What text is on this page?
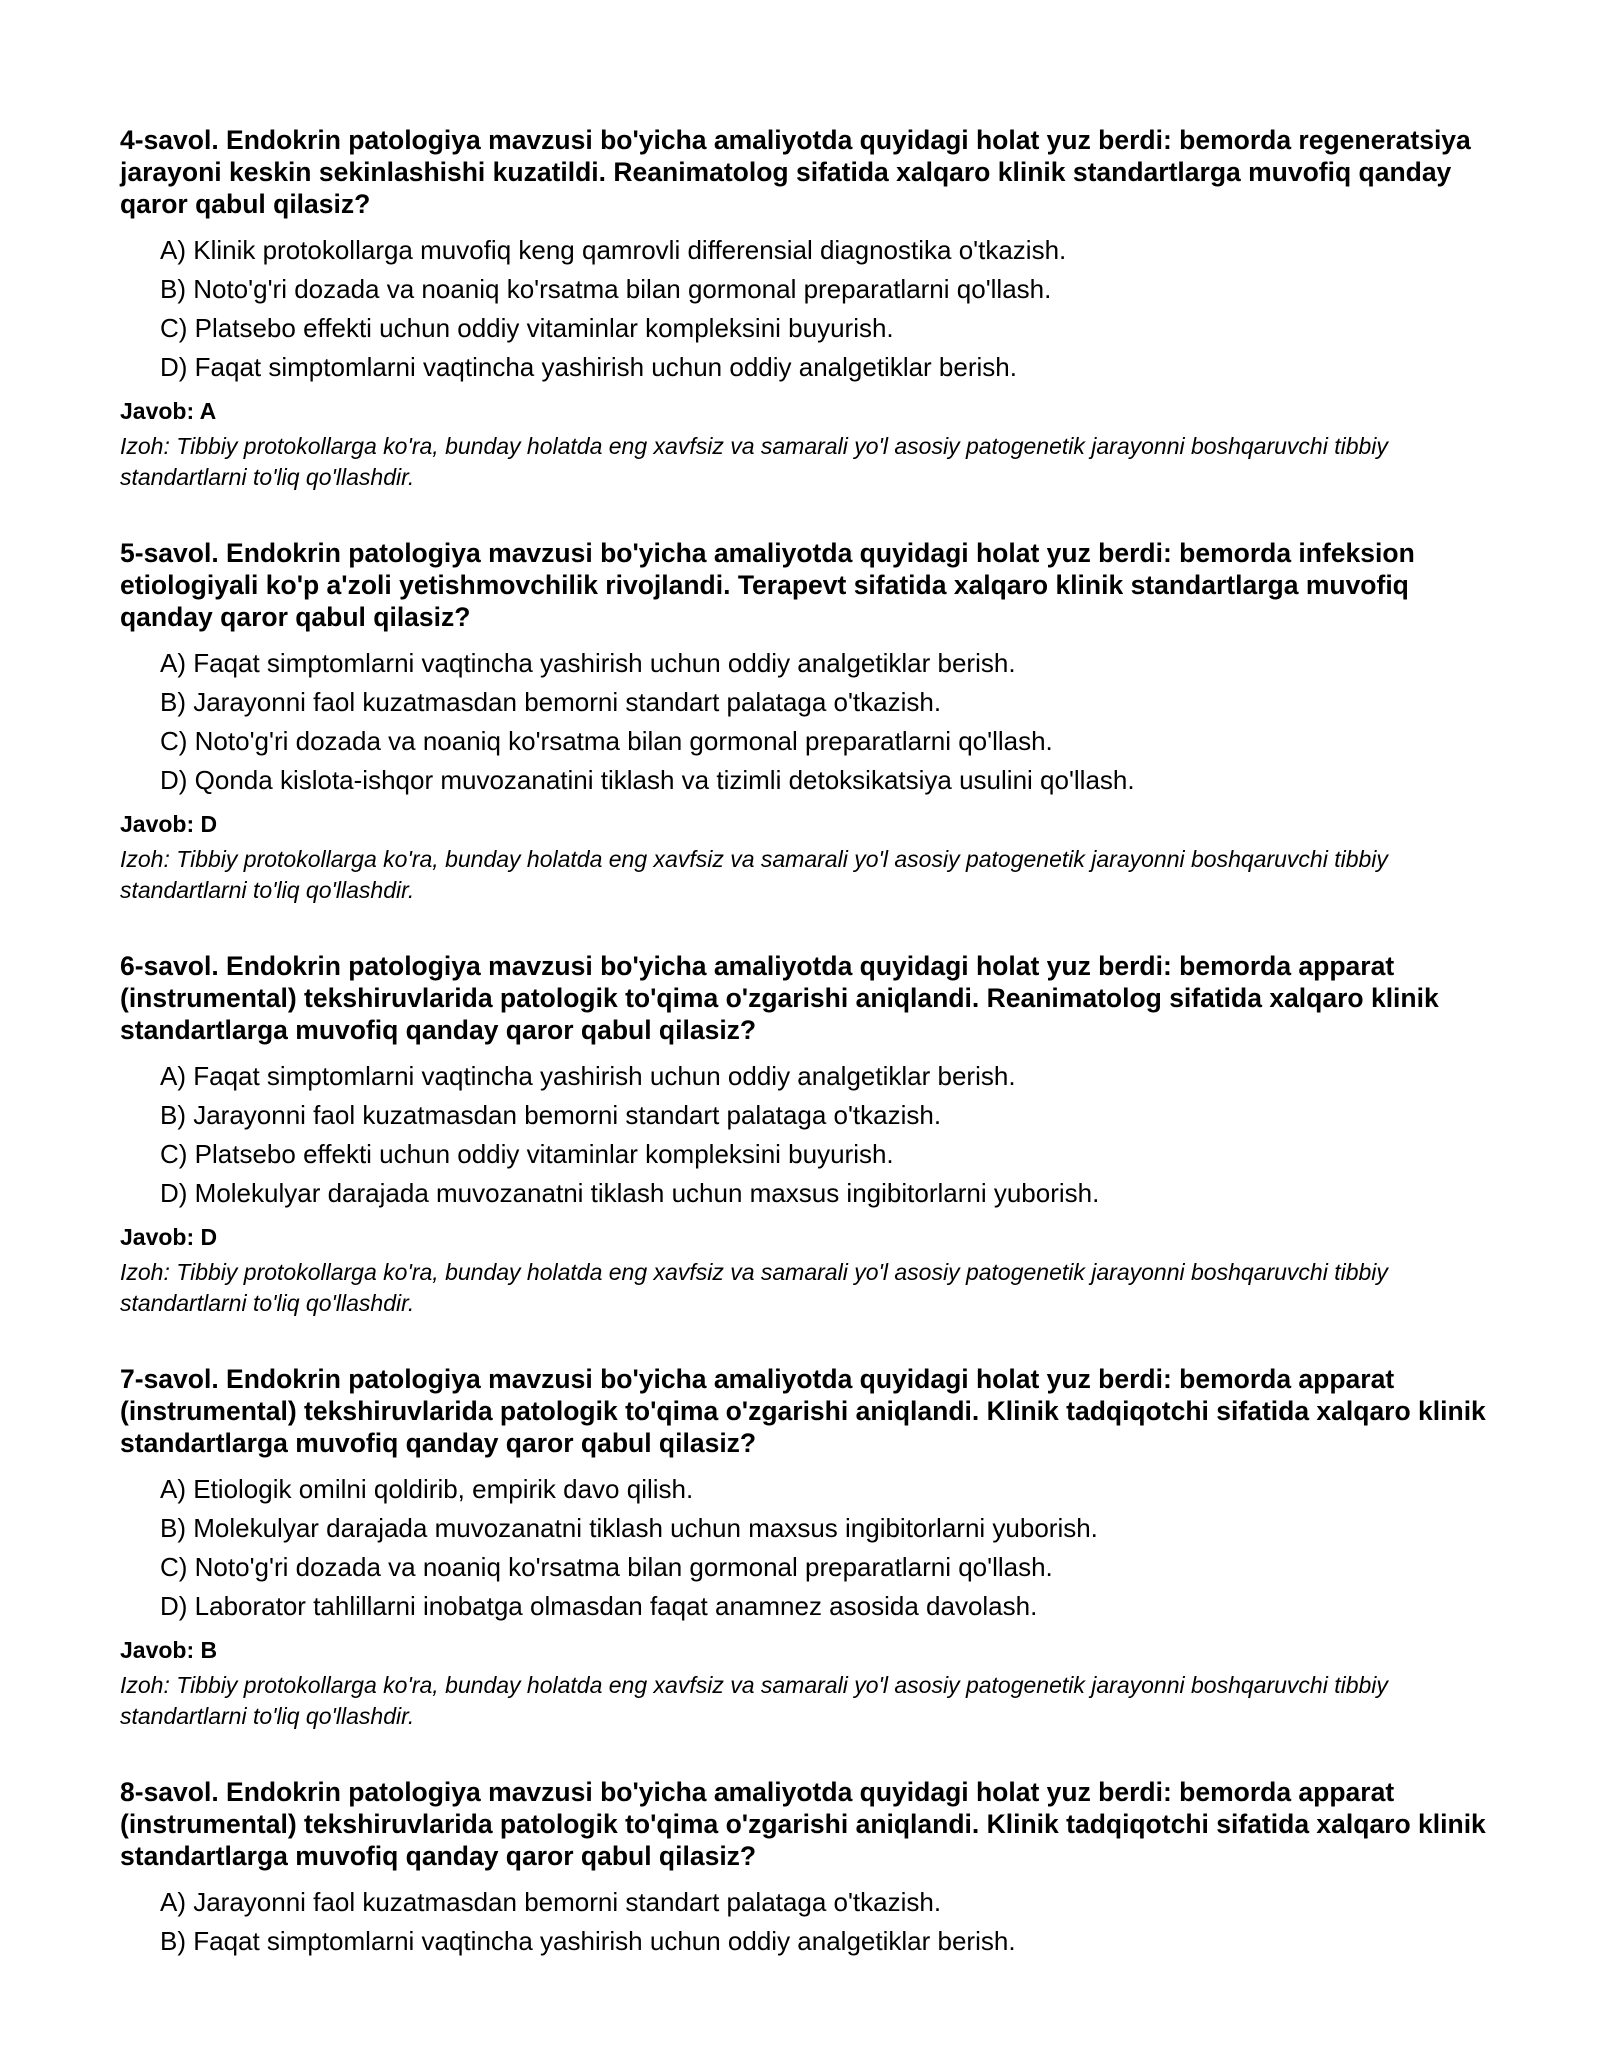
4-savol. Endokrin patologiya mavzusi bo'yicha amaliyotda quyidagi holat yuz berdi: bemorda regeneratsiya jarayoni keskin sekinlashishi kuzatildi. Reanimatolog sifatida xalqaro klinik standartlarga muvofiq qanday qaror qabul qilasiz?

A) Klinik protokollarga muvofiq keng qamrovli differensial diagnostika o'tkazish.
B) Noto'g'ri dozada va noaniq ko'rsatma bilan gormonal preparatlarni qo'llash.
C) Platsebo effekti uchun oddiy vitaminlar kompleksini buyurish.
D) Faqat simptomlarni vaqtincha yashirish uchun oddiy analgetiklar berish.

Javob: A

Izoh: Tibbiy protokollarga ko'ra, bunday holatda eng xavfsiz va samarali yo'l asosiy patogenetik jarayonni boshqaruvchi tibbiy standartlarni to'liq qo'llashdir.

5-savol. Endokrin patologiya mavzusi bo'yicha amaliyotda quyidagi holat yuz berdi: bemorda infeksion etiologiyali ko'p a'zoli yetishmovchilik rivojlandi. Terapevt sifatida xalqaro klinik standartlarga muvofiq qanday qaror qabul qilasiz?

A) Faqat simptomlarni vaqtincha yashirish uchun oddiy analgetiklar berish.
B) Jarayonni faol kuzatmasdan bemorni standart palataga o'tkazish.
C) Noto'g'ri dozada va noaniq ko'rsatma bilan gormonal preparatlarni qo'llash.
D) Qonda kislota-ishqor muvozanatini tiklash va tizimli detoksikatsiya usulini qo'llash.

Javob: D

Izoh: Tibbiy protokollarga ko'ra, bunday holatda eng xavfsiz va samarali yo'l asosiy patogenetik jarayonni boshqaruvchi tibbiy standartlarni to'liq qo'llashdir.

6-savol. Endokrin patologiya mavzusi bo'yicha amaliyotda quyidagi holat yuz berdi: bemorda apparat (instrumental) tekshiruvlarida patologik to'qima o'zgarishi aniqlandi. Reanimatolog sifatida xalqaro klinik standartlarga muvofiq qanday qaror qabul qilasiz?

A) Faqat simptomlarni vaqtincha yashirish uchun oddiy analgetiklar berish.
B) Jarayonni faol kuzatmasdan bemorni standart palataga o'tkazish.
C) Platsebo effekti uchun oddiy vitaminlar kompleksini buyurish.
D) Molekulyar darajada muvozanatni tiklash uchun maxsus ingibitorlarni yuborish.

Javob: D

Izoh: Tibbiy protokollarga ko'ra, bunday holatda eng xavfsiz va samarali yo'l asosiy patogenetik jarayonni boshqaruvchi tibbiy standartlarni to'liq qo'llashdir.

7-savol. Endokrin patologiya mavzusi bo'yicha amaliyotda quyidagi holat yuz berdi: bemorda apparat (instrumental) tekshiruvlarida patologik to'qima o'zgarishi aniqlandi. Klinik tadqiqotchi sifatida xalqaro klinik standartlarga muvofiq qanday qaror qabul qilasiz?

A) Etiologik omilni qoldirib, empirik davo qilish.
B) Molekulyar darajada muvozanatni tiklash uchun maxsus ingibitorlarni yuborish.
C) Noto'g'ri dozada va noaniq ko'rsatma bilan gormonal preparatlarni qo'llash.
D) Laborator tahlillarni inobatga olmasdan faqat anamnez asosida davolash.

Javob: B

Izoh: Tibbiy protokollarga ko'ra, bunday holatda eng xavfsiz va samarali yo'l asosiy patogenetik jarayonni boshqaruvchi tibbiy standartlarni to'liq qo'llashdir.

8-savol. Endokrin patologiya mavzusi bo'yicha amaliyotda quyidagi holat yuz berdi: bemorda apparat (instrumental) tekshiruvlarida patologik to'qima o'zgarishi aniqlandi. Klinik tadqiqotchi sifatida xalqaro klinik standartlarga muvofiq qanday qaror qabul qilasiz?

A) Jarayonni faol kuzatmasdan bemorni standart palataga o'tkazish.
B) Faqat simptomlarni vaqtincha yashirish uchun oddiy analgetiklar berish.
